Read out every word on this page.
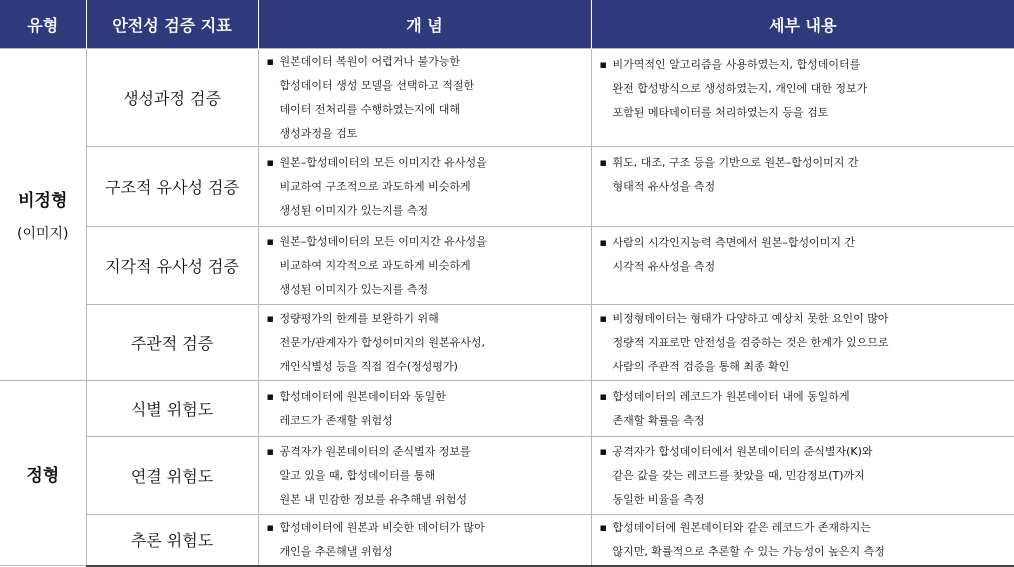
유형	안전성 검증 지표	개 념	세부 내용

비정형
(이미지)	생성과정 검증	▪ 원본데이터 복원이 어렵거나 불가능한
합성데이터 생성 모델을 선택하고 적절한
데이터 전처리를 수행하였는지에 대해
생성과정을 검토	▪ 비가역적인 알고리즘을 사용하였는지, 합성데이터를
완전 합성방식으로 생성하였는지, 개인에 대한 정보가
포함된 메타데이터를 처리하였는지 등을 검토

	구조적 유사성 검증	▪ 원본–합성데이터의 모든 이미지간 유사성을
비교하여 구조적으로 과도하게 비슷하게
생성된 이미지가 있는지를 측정	▪ 휘도, 대조, 구조 등을 기반으로 원본–합성이미지 간
형태적 유사성을 측정

	지각적 유사성 검증	▪ 원본–합성데이터의 모든 이미지간 유사성을
비교하여 지각적으로 과도하게 비슷하게
생성된 이미지가 있는지를 측정	▪ 사람의 시각인지능력 측면에서 원본–합성이미지 간
시각적 유사성을 측정

	주관적 검증	▪ 정량평가의 한계를 보완하기 위해
전문가/관계자가 합성이미지의 원본유사성,
개인식별성 등을 직접 검수(정성평가)	▪ 비정형데이터는 형태가 다양하고 예상치 못한 요인이 많아
정량적 지표로만 안전성을 검증하는 것은 한계가 있으므로
사람의 주관적 검증을 통해 최종 확인

정형	식별 위험도	▪ 합성데이터에 원본데이터와 동일한
레코드가 존재할 위험성	▪ 합성데이터의 레코드가 원본데이터 내에 동일하게
존재할 확률을 측정

	연결 위험도	▪ 공격자가 원본데이터의 준식별자 정보를
알고 있을 때, 합성데이터를 통해
원본 내 민감한 정보를 유추해낼 위험성	▪ 공격자가 합성데이터에서 원본데이터의 준식별자(K)와
같은 값을 갖는 레코드를 찾았을 때, 민감정보(T)까지
동일한 비율을 측정

	추론 위험도	▪ 합성데이터에 원본과 비슷한 데이터가 많아
개인을 추론해낼 위험성	▪ 합성데이터에 원본데이터와 같은 레코드가 존재하지는
않지만, 확률적으로 추론할 수 있는 가능성이 높은지 측정
